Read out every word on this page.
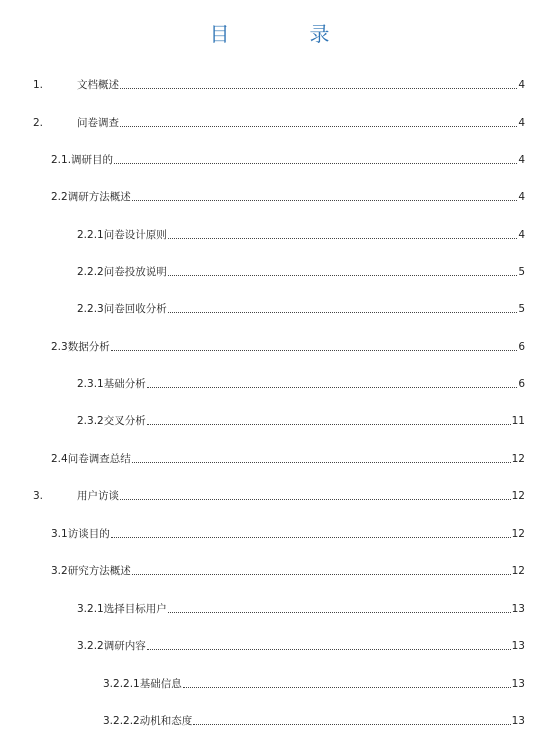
目　录
1.	文档概述	4
2.	问卷调查	4
2.1. 调研目的	4
2.2 调研方法概述	4
2.2.1 问卷设计原则	4
2.2.2 问卷投放说明	5
2.2.3 问卷回收分析	5
2.3 数据分析	6
2.3.1 基础分析	6
2.3.2 交叉分析	11
2.4 问卷调查总结	12
3.	用户访谈	12
3.1 访谈目的	12
3.2 研究方法概述	12
3.2.1 选择目标用户	13
3.2.2 调研内容	13
3.2.2.1 基础信息	13
3.2.2.2 动机和态度	13
